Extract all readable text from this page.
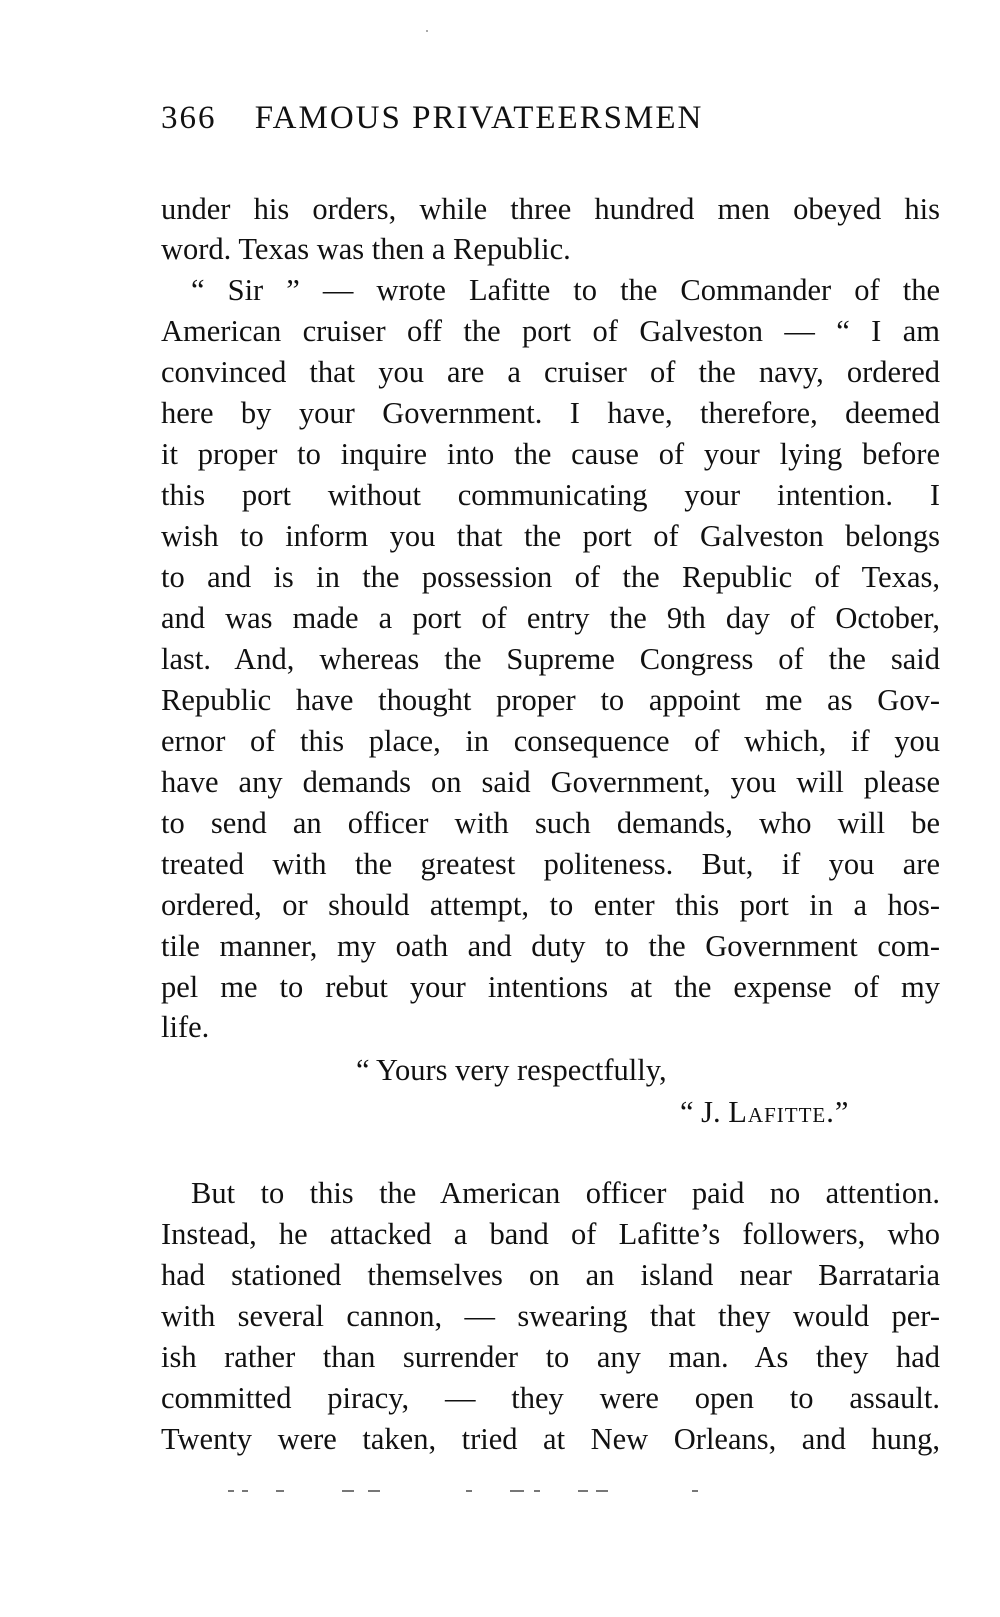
366 FAMOUS PRIVATEERSMEN
under his orders, while three hundred men obeyed his
word. Texas was then a Republic.
“ Sir ” — wrote Lafitte to the Commander of the
American cruiser off the port of Galveston — “ I am
convinced that you are a cruiser of the navy, ordered
here by your Government. I have, therefore, deemed
it proper to inquire into the cause of your lying before
this port without communicating your intention. I
wish to inform you that the port of Galveston belongs
to and is in the possession of the Republic of Texas,
and was made a port of entry the 9th day of October,
last. And, whereas the Supreme Congress of the said
Republic have thought proper to appoint me as Gov-
ernor of this place, in consequence of which, if you
have any demands on said Government, you will please
to send an officer with such demands, who will be
treated with the greatest politeness. But, if you are
ordered, or should attempt, to enter this port in a hos-
tile manner, my oath and duty to the Government com-
pel me to rebut your intentions at the expense of my
life.
“ Yours very respectfully,
“ J. Lafitte.”
But to this the American officer paid no attention.
Instead, he attacked a band of Lafitte’s followers, who
had stationed themselves on an island near Barrataria
with several cannon, — swearing that they would per-
ish rather than surrender to any man. As they had
committed piracy, — they were open to assault.
Twenty were taken, tried at New Orleans, and hung,
